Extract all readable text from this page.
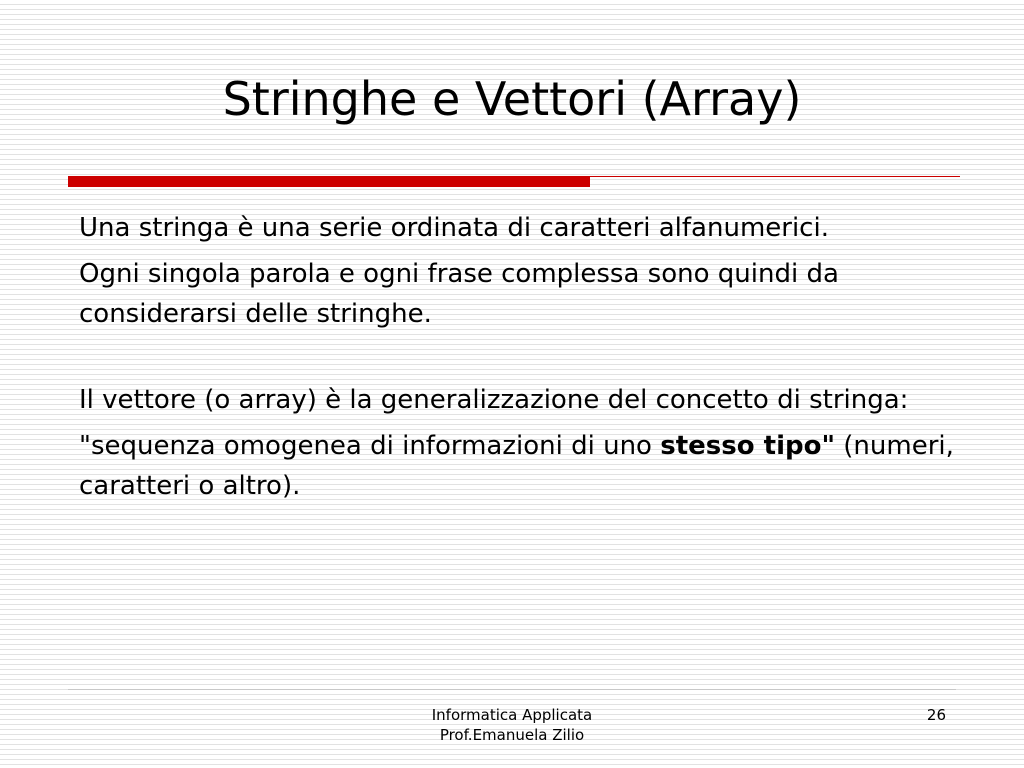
Stringhe e Vettori (Array)

Una stringa è una serie ordinata di caratteri alfanumerici.

Ogni singola parola e ogni frase complessa sono quindi da considerarsi delle stringhe.

Il vettore (o array) è la generalizzazione del concetto di stringa:

"sequenza omogenea di informazioni di uno stesso tipo" (numeri, caratteri o altro).

Informatica Applicata
Prof.Emanuela Zilio
26
